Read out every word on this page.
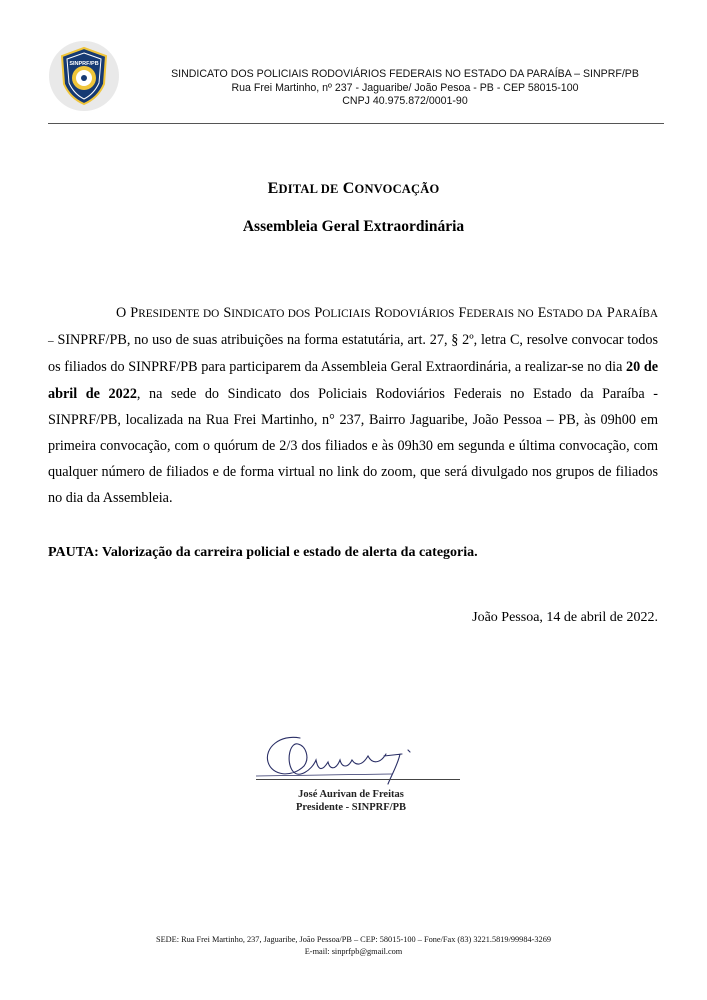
SINPRF/PB
SINDICATO DOS POLICIAIS RODOVIÁRIOS FEDERAIS NO ESTADO DA PARAÍBA – SINPRF/PB
Rua Frei Martinho, nº 237 - Jaguaribe/ João Pesoa - PB - CEP 58015-100
CNPJ 40.975.872/0001-90
EDITAL DE CONVOCAÇÃO
Assembleia Geral Extraordinária
O PRESIDENTE DO SINDICATO DOS POLICIAIS RODOVIÁRIOS FEDERAIS NO ESTADO DA PARAÍBA – SINPRF/PB, no uso de suas atribuições na forma estatutária, art. 27, § 2º, letra C, resolve convocar todos os filiados do SINPRF/PB para participarem da Assembleia Geral Extraordinária, a realizar-se no dia 20 de abril de 2022, na sede do Sindicato dos Policiais Rodoviários Federais no Estado da Paraíba - SINPRF/PB, localizada na Rua Frei Martinho, n° 237, Bairro Jaguaribe, João Pessoa – PB, às 09h00 em primeira convocação, com o quórum de 2/3 dos filiados e às 09h30 em segunda e última convocação, com qualquer número de filiados e de forma virtual no link do zoom, que será divulgado nos grupos de filiados no dia da Assembleia.
PAUTA: Valorização da carreira policial e estado de alerta da categoria.
João Pessoa, 14 de abril de 2022.
José Aurivan de Freitas
Presidente - SINPRF/PB
SEDE: Rua Frei Martinho, 237, Jaguaribe, João Pessoa/PB – CEP: 58015-100 – Fone/Fax (83) 3221.5819/99984-3269
E-mail: sinprfpb@gmail.com
